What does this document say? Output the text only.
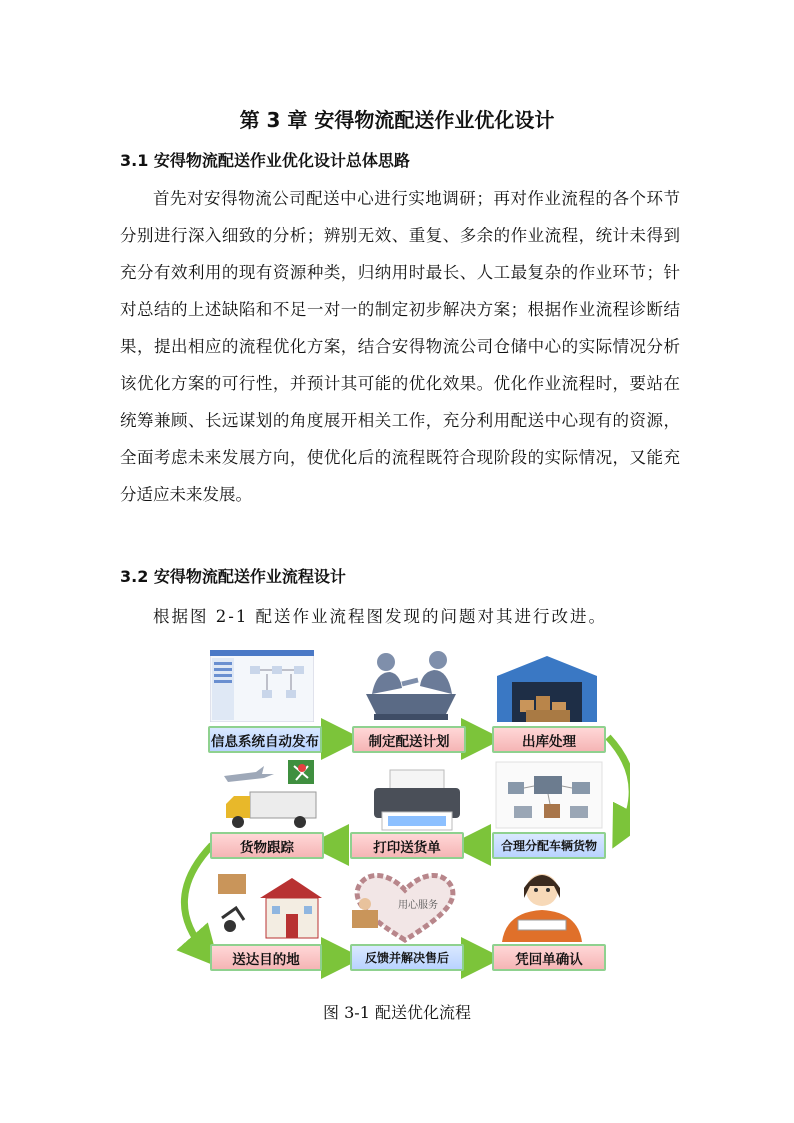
第 3 章 安得物流配送作业优化设计
3.1 安得物流配送作业优化设计总体思路

首先对安得物流公司配送中心进行实地调研；再对作业流程的各个环节分别进行深入细致的分析；辨别无效、重复、多余的作业流程，统计未得到充分有效利用的现有资源种类，归纳用时最长、人工最复杂的作业环节；针对总结的上述缺陷和不足一对一的制定初步解决方案；根据作业流程诊断结果，提出相应的流程优化方案，结合安得物流公司仓储中心的实际情况分析该优化方案的可行性，并预计其可能的优化效果。优化作业流程时，要站在统筹兼顾、长远谋划的角度展开相关工作，充分利用配送中心现有的资源，全面考虑未来发展方向，使优化后的流程既符合现阶段的实际情况，又能充分适应未来发展。

3.2 安得物流配送作业流程设计

根据图 2-1 配送作业流程图发现的问题对其进行改进。

信息系统自动发布	制定配送计划	出库处理
货物跟踪	打印送货单	合理分配车辆货物
用心服务
送达目的地	反馈并解决售后	凭回单确认
图 3-1 配送优化流程
